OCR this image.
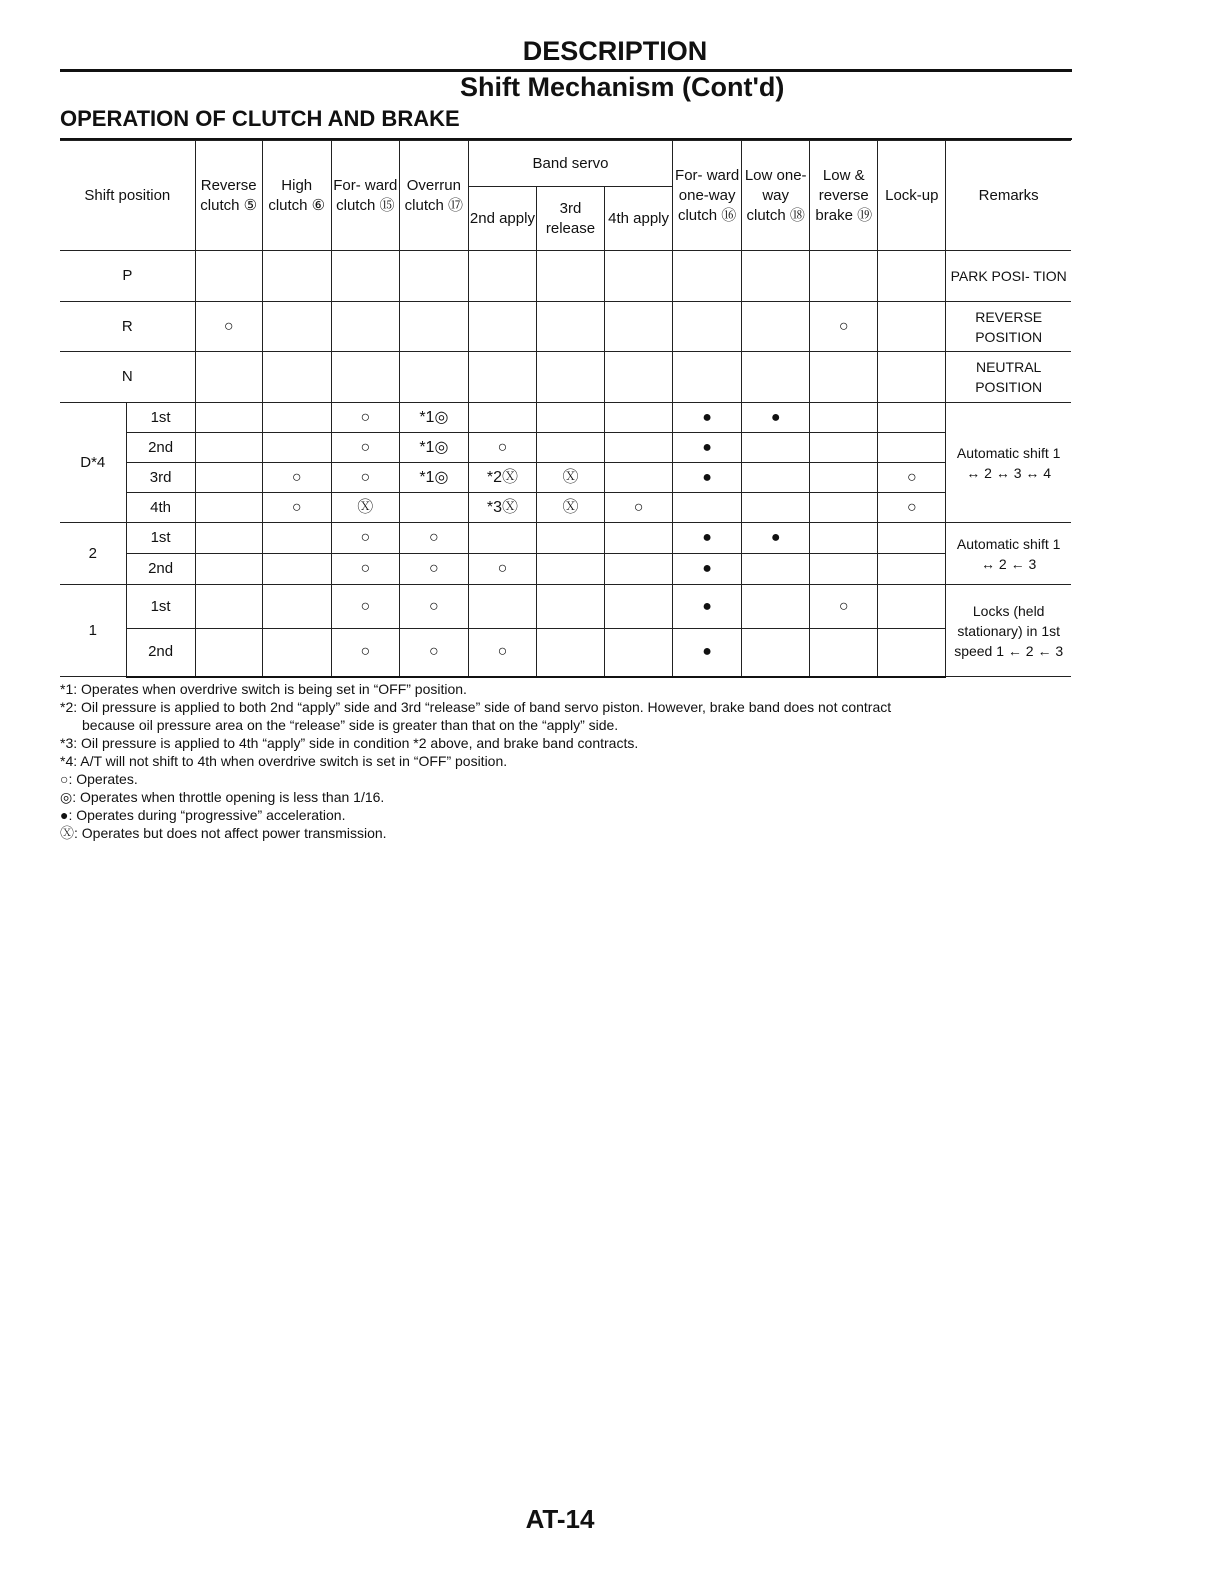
DESCRIPTION
Shift Mechanism (Cont'd)
OPERATION OF CLUTCH AND BRAKE
Shift position		Reverse clutch ⑤	High clutch ⑥	For- ward clutch ⑮	Overrun clutch ⑰	Band servo			For- ward one-way clutch ⑯	Low one-way clutch ⑱	Low & reverse brake ⑲	Lock-up	Remarks
						2nd apply	3rd release	4th apply					
P													PARK POSI- TION
R		○									○		REVERSE POSITION
N													NEUTRAL POSITION
D*4	1st			○	*1◎				●	●			Automatic shift 1 ↔ 2 ↔ 3 ↔ 4
	2nd			○	*1◎	○			●				
	3rd		○	○	*1◎	*2Ⓧ	Ⓧ		●			○	
	4th		○	Ⓧ		*3Ⓧ	Ⓧ	○				○	
2	1st			○	○				●	●			Automatic shift 1 ↔ 2 ← 3
	2nd			○	○	○			●				
1	1st			○	○				●		○		Locks (held stationary) in 1st speed 1 ← 2 ← 3
	2nd			○	○	○			●				
*1: Operates when overdrive switch is being set in “OFF” position.
*2: Oil pressure is applied to both 2nd “apply” side and 3rd “release” side of band servo piston. However, brake band does not contract
because oil pressure area on the “release” side is greater than that on the “apply” side.
*3: Oil pressure is applied to 4th “apply” side in condition *2 above, and brake band contracts.
*4: A/T will not shift to 4th when overdrive switch is set in “OFF” position.
○: Operates.
◎: Operates when throttle opening is less than 1/16.
●: Operates during “progressive” acceleration.
Ⓧ: Operates but does not affect power transmission.
AT-14
